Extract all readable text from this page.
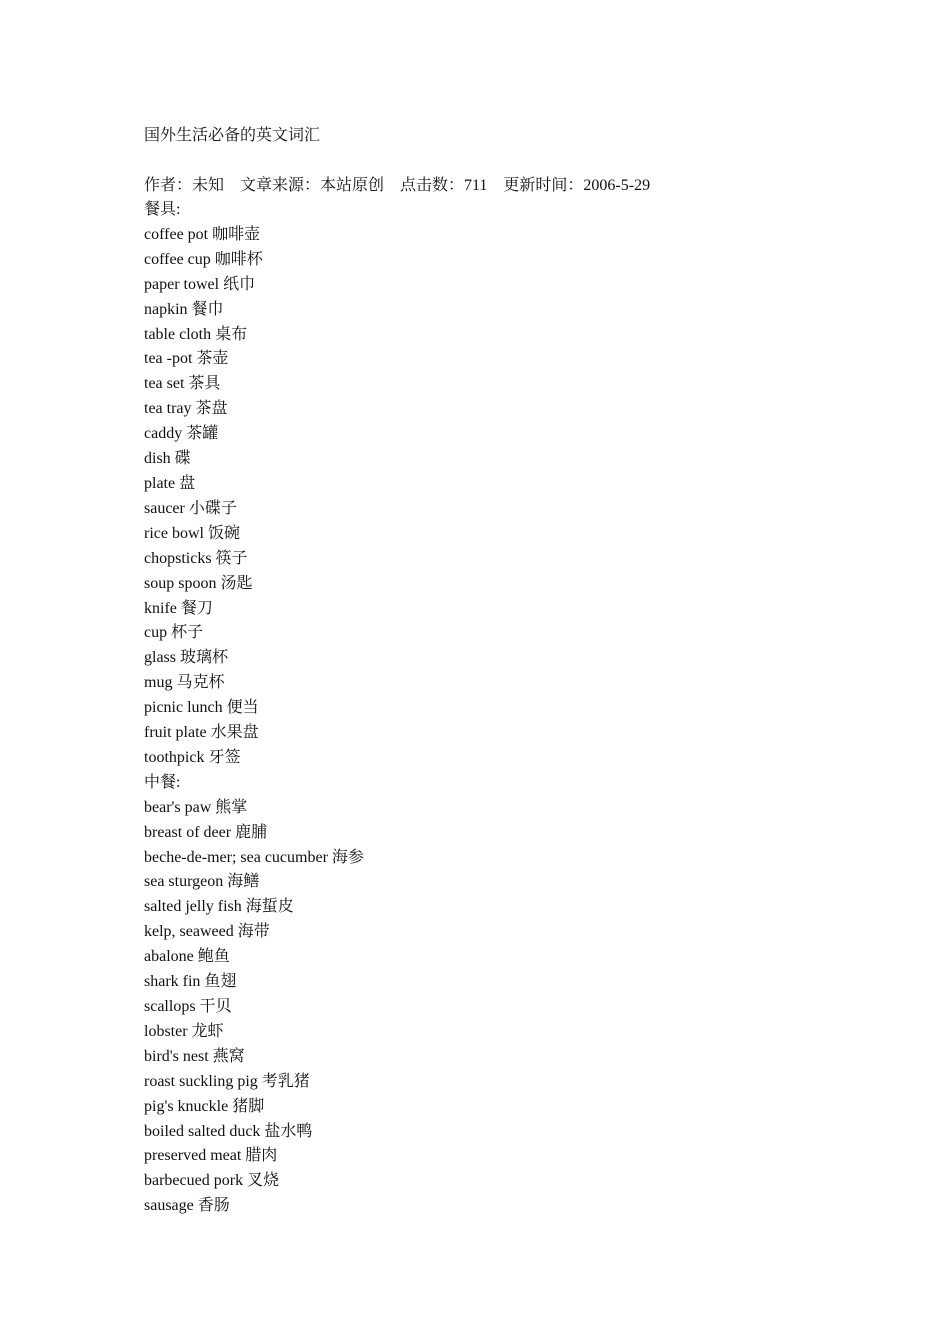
国外生活必备的英文词汇
作者：未知    文章来源：本站原创    点击数：711    更新时间：2006-5-29
餐具:
coffee pot 咖啡壶
coffee cup 咖啡杯
paper towel 纸巾
napkin 餐巾
table cloth 桌布
tea -pot 茶壶
tea set 茶具
tea tray 茶盘
caddy 茶罐
dish 碟
plate 盘
saucer 小碟子
rice bowl 饭碗
chopsticks 筷子
soup spoon 汤匙
knife 餐刀
cup 杯子
glass 玻璃杯
mug 马克杯
picnic lunch 便当
fruit plate 水果盘
toothpick 牙签
中餐:
bear's paw 熊掌
breast of deer 鹿脯
beche-de-mer; sea cucumber 海参
sea sturgeon 海鳝
salted jelly fish 海蜇皮
kelp, seaweed 海带
abalone 鲍鱼
shark fin 鱼翅
scallops 干贝
lobster 龙虾
bird's nest 燕窝
roast suckling pig 考乳猪
pig's knuckle 猪脚
boiled salted duck 盐水鸭
preserved meat 腊肉
barbecued pork 叉烧
sausage 香肠
